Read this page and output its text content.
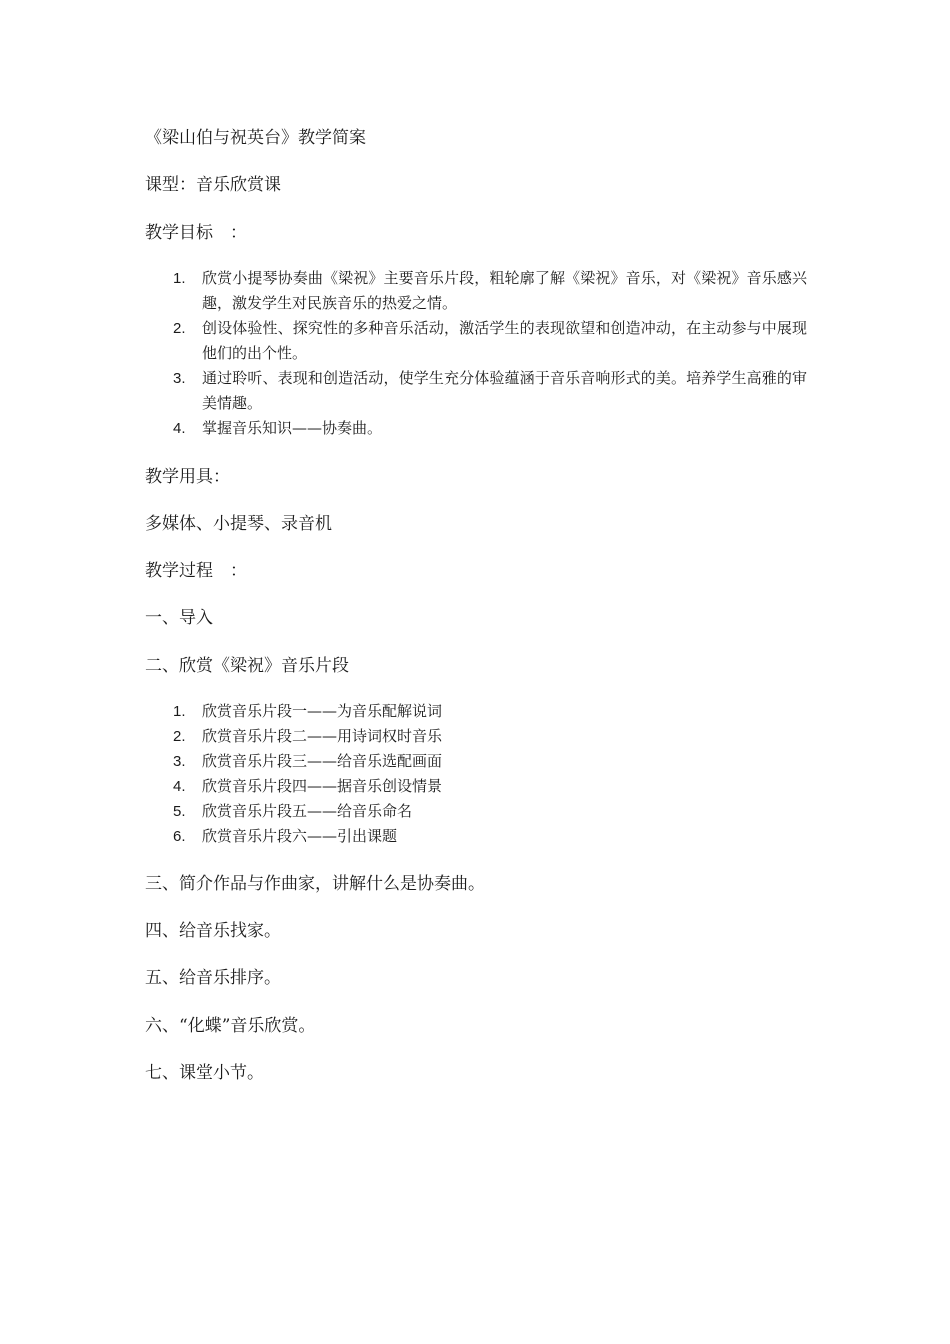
《梁山伯与祝英台》教学简案

课型：音乐欣赏课

教学目标　：

1. 欣赏小提琴协奏曲《梁祝》主要音乐片段，粗轮廓了解《梁祝》音乐，对《梁祝》音乐感兴趣，激发学生对民族音乐的热爱之情。
2. 创设体验性、探究性的多种音乐活动，激活学生的表现欲望和创造冲动，在主动参与中展现他们的出个性。
3. 通过聆听、表现和创造活动，使学生充分体验蕴涵于音乐音响形式的美。培养学生高雅的审美情趣。
4. 掌握音乐知识——协奏曲。

教学用具：

多媒体、小提琴、录音机

教学过程　：

一、导入

二、欣赏《梁祝》音乐片段

1. 欣赏音乐片段一——为音乐配解说词
2. 欣赏音乐片段二——用诗词权时音乐
3. 欣赏音乐片段三——给音乐选配画面
4. 欣赏音乐片段四——据音乐创设情景
5. 欣赏音乐片段五——给音乐命名
6. 欣赏音乐片段六——引出课题

三、简介作品与作曲家，讲解什么是协奏曲。

四、给音乐找家。

五、给音乐排序。

六、“化蝶”音乐欣赏。

七、课堂小节。
